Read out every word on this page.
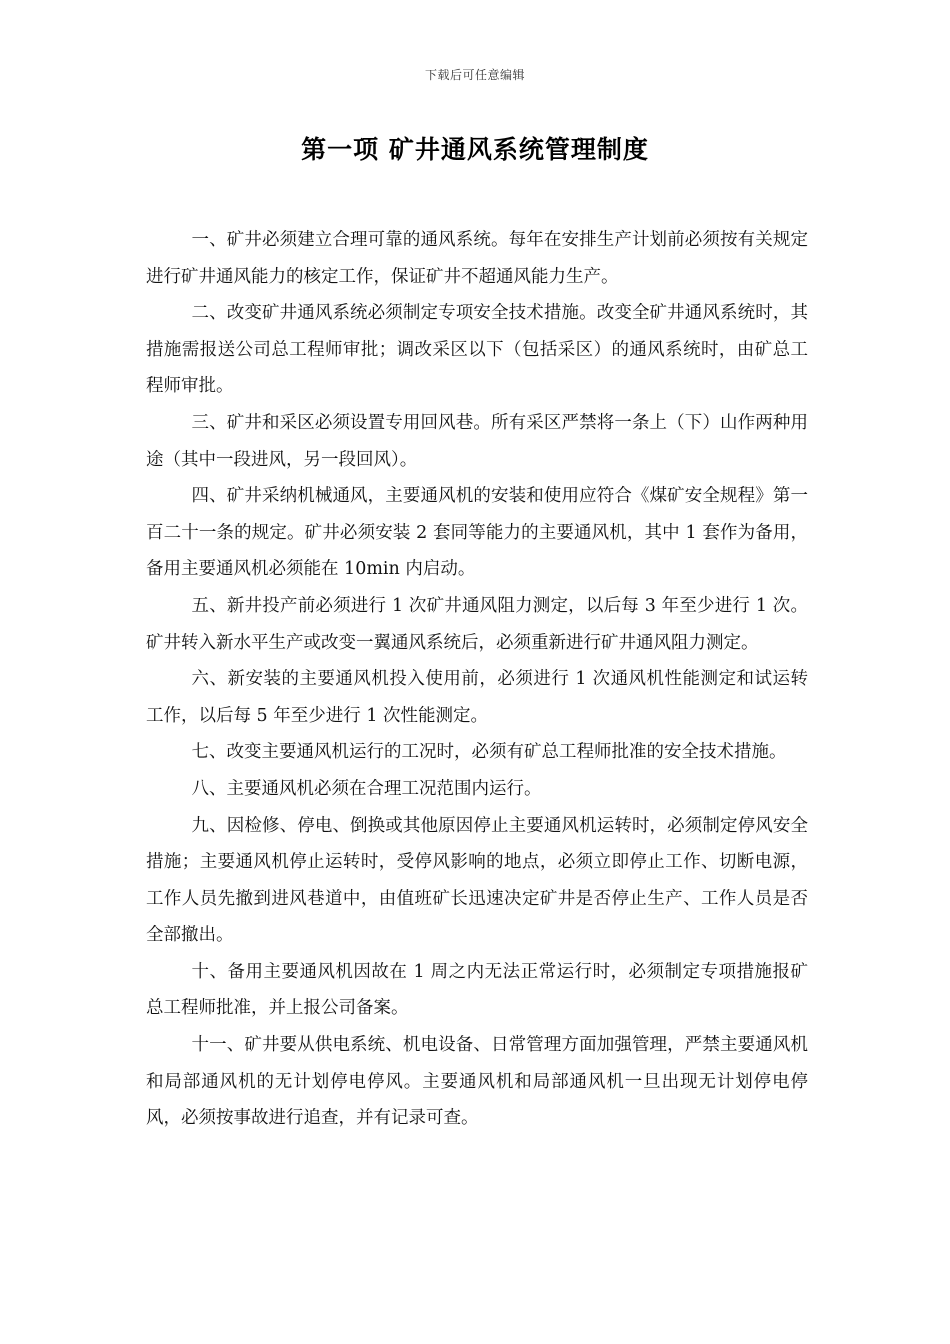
下载后可任意编辑
第一项 矿井通风系统管理制度

一、矿井必须建立合理可靠的通风系统。每年在安排生产计划前必须按有关规定进行矿井通风能力的核定工作，保证矿井不超通风能力生产。

二、改变矿井通风系统必须制定专项安全技术措施。改变全矿井通风系统时，其措施需报送公司总工程师审批；调改采区以下（包括采区）的通风系统时，由矿总工程师审批。

三、矿井和采区必须设置专用回风巷。所有采区严禁将一条上（下）山作两种用途（其中一段进风，另一段回风）。

四、矿井采纳机械通风，主要通风机的安装和使用应符合《煤矿安全规程》第一百二十一条的规定。矿井必须安装 2 套同等能力的主要通风机，其中 1 套作为备用，备用主要通风机必须能在 10min 内启动。

五、新井投产前必须进行 1 次矿井通风阻力测定，以后每 3 年至少进行 1 次。矿井转入新水平生产或改变一翼通风系统后，必须重新进行矿井通风阻力测定。

六、新安装的主要通风机投入使用前，必须进行 1 次通风机性能测定和试运转工作，以后每 5 年至少进行 1 次性能测定。

七、改变主要通风机运行的工况时，必须有矿总工程师批准的安全技术措施。

八、主要通风机必须在合理工况范围内运行。

九、因检修、停电、倒换或其他原因停止主要通风机运转时，必须制定停风安全措施；主要通风机停止运转时，受停风影响的地点，必须立即停止工作、切断电源，工作人员先撤到进风巷道中，由值班矿长迅速决定矿井是否停止生产、工作人员是否全部撤出。

十、备用主要通风机因故在 1 周之内无法正常运行时，必须制定专项措施报矿总工程师批准，并上报公司备案。

十一、矿井要从供电系统、机电设备、日常管理方面加强管理，严禁主要通风机和局部通风机的无计划停电停风。主要通风机和局部通风机一旦出现无计划停电停风，必须按事故进行追查，并有记录可查。
